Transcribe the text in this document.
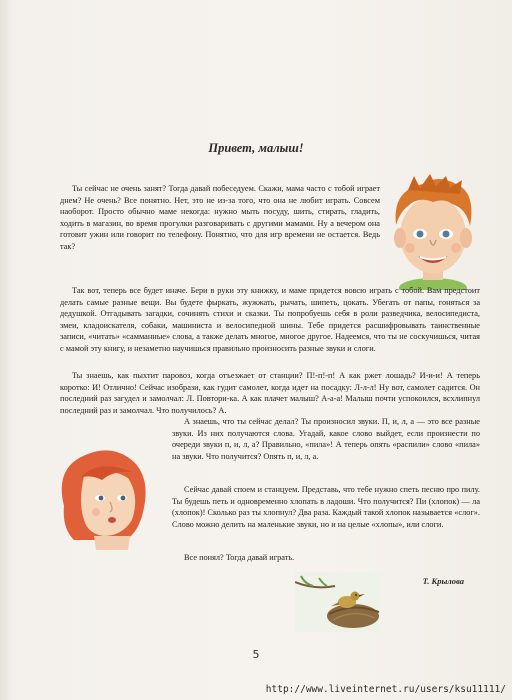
Привет, малыш!

Ты сейчас не очень занят? Тогда давай побеседуем. Скажи, мама часто с тобой играет днем? Не очень? Все понятно. Нет, это не из-за того, что она не любит играть. Совсем наоборот. Просто обычно маме некогда: нужно мыть посуду, шить, стирать, гладить, ходить в магазин, во время прогулки разговаривать с другими мамами. Ну а вечером она готовит ужин или говорит по телефону. Понятно, что для игр времени не остается. Ведь так?

Так вот, теперь все будет иначе. Бери в руки эту книжку, и маме придется вовсю играть с тобой. Вам предстоит делать самые разные вещи. Вы будете фыркать, жужжать, рычать, шипеть, цокать. Убегать от папы, гоняться за дедушкой. Отгадывать загадки, сочинять стихи и сказки. Ты попробуешь себя в роли разведчика, велосипедиста, змеи, кладоискателя, собаки, машиниста и велосипедной шины. Тебе придется расшифровывать таинственные записи, «читать» «самманные» слова, а также делать многое, многое другое. Надеемся, что ты не соскучишься, читая с мамой эту книгу, и незаметно научишься правильно произносить разные звуки и слоги.

Ты знаешь, как пыхтит паровоз, когда отъезжает от станции? П!-п!-п! А как ржет лошадь? И-и-и! А теперь коротко: И! Отлично! Сейчас изобрази, как гудит самолет, когда идет на посадку: Л-л-л! Ну вот, самолет садится. Он последний раз загудел и замолчал: Л. Повтори-ка. А как плачет малыш? А-а-а! Малыш почти успокоился, всхлипнул последний раз и замолчал. Что получилось? А.

А знаешь, что ты сейчас делал? Ты произносил звуки. П, и, л, а — это все разные звуки. Из них получаются слова. Угадай, какое слово выйдет, если произнести по очереди звуки п, и, л, а? Правильно, «пила»! А теперь опять «распили» слово «пила» на звуки. Что получится? Опять п, и, л, а.

Сейчас давай споем и станцуем. Представь, что тебе нужно спеть песню про пилу. Ты будешь петь и одновременно хлопать в ладоши. Что получится? Пи (хлопок) — ла (хлопок)! Сколько раз ты хлопнул? Два раза. Каждый такой хлопок называется «слог». Слово можно делить на маленькие звуки, но и на целые «хлопы», или слоги.

Все понял? Тогда давай играть.

Т. Крылова
5
http://www.liveinternet.ru/users/ksu11111/
